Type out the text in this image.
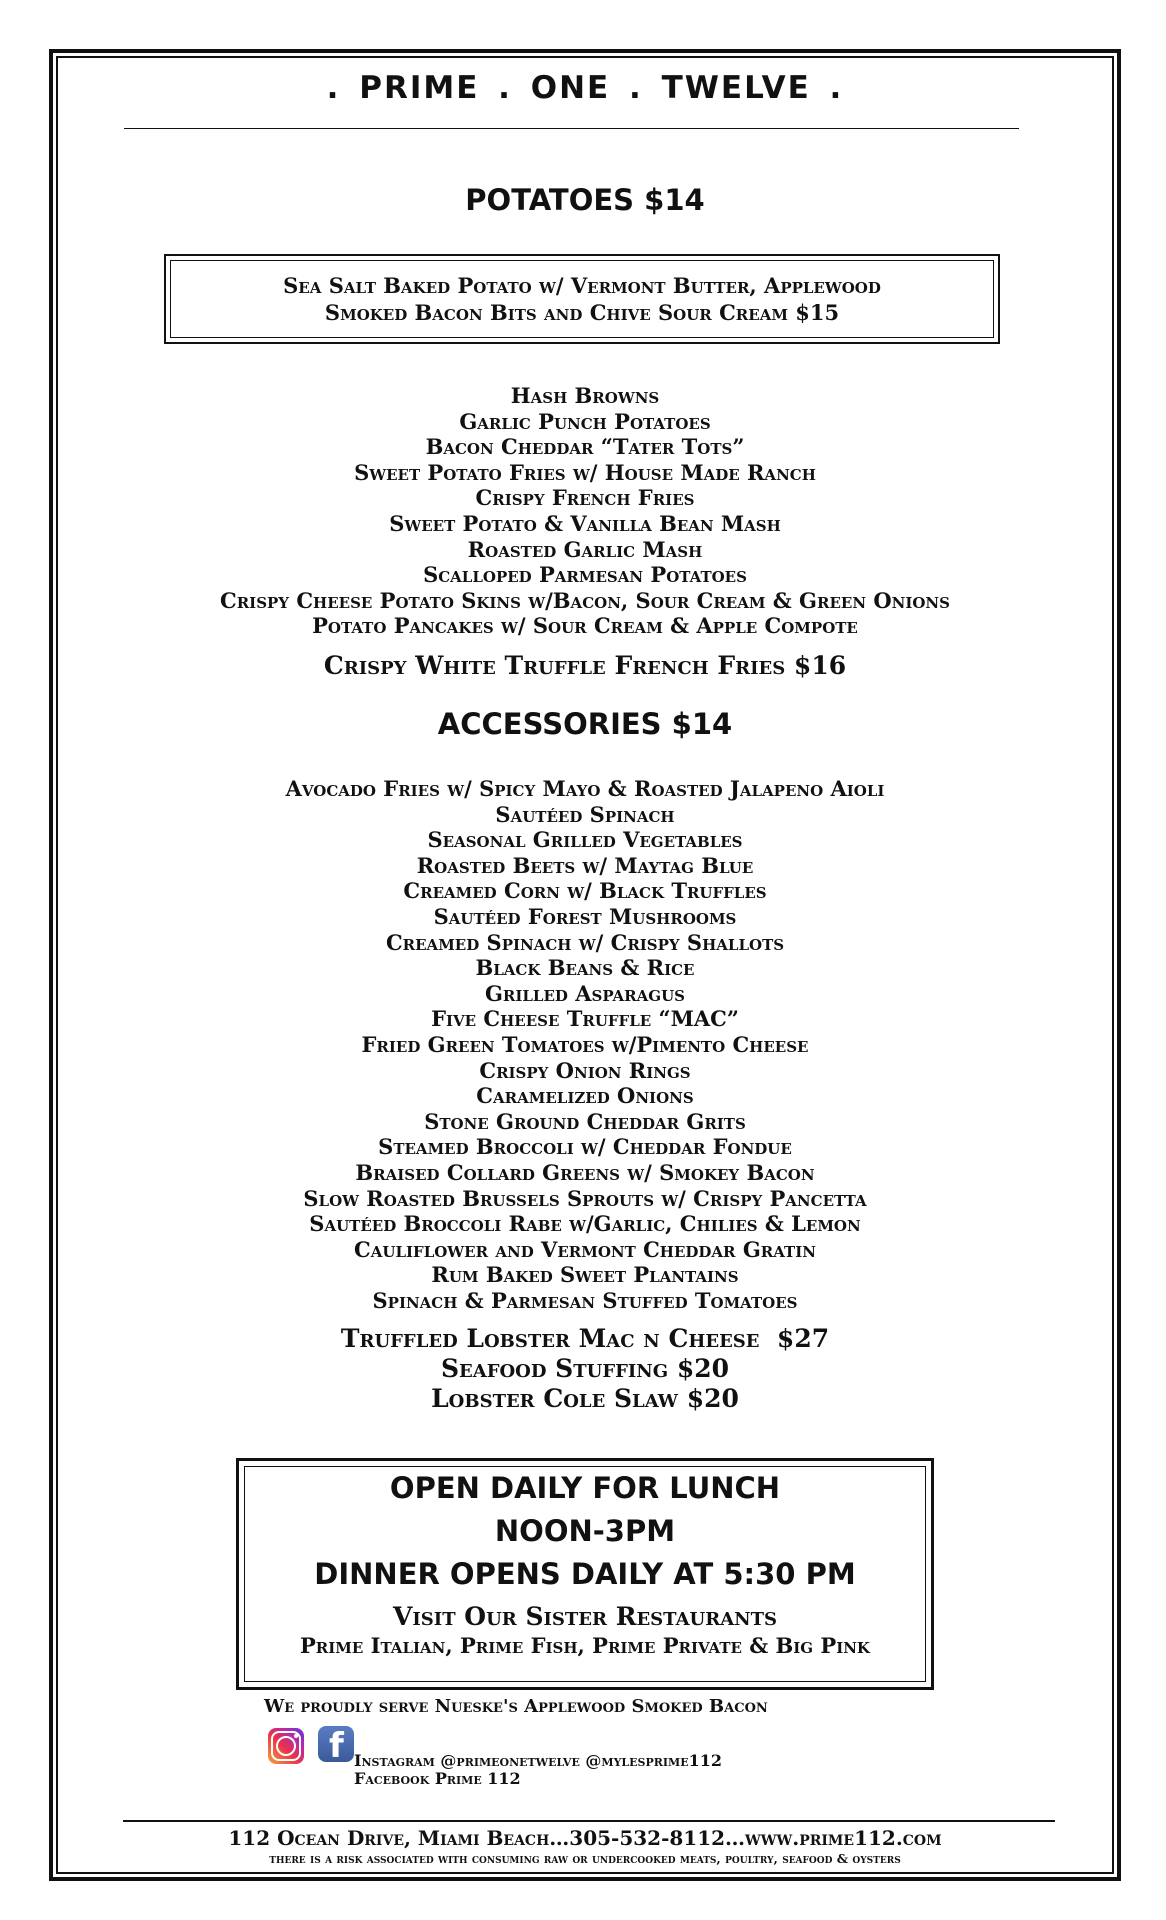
. PRIME . ONE . TWELVE .
POTATOES $14
Sea Salt Baked Potato w/ Vermont Butter, Applewood
Smoked Bacon Bits and Chive Sour Cream $15
Hash Browns
Garlic Punch Potatoes
Bacon Cheddar “Tater Tots”
Sweet Potato Fries w/ House Made Ranch
Crispy French Fries
Sweet Potato & Vanilla Bean Mash
Roasted Garlic Mash
Scalloped Parmesan Potatoes
Crispy Cheese Potato Skins w/Bacon, Sour Cream & Green Onions
Potato Pancakes w/ Sour Cream & Apple Compote
Crispy White Truffle French Fries $16
ACCESSORIES $14
Avocado Fries w/ Spicy Mayo & Roasted Jalapeno Aioli
Sautéed Spinach
Seasonal Grilled Vegetables
Roasted Beets w/ Maytag Blue
Creamed Corn w/ Black Truffles
Sautéed Forest Mushrooms
Creamed Spinach w/ Crispy Shallots
Black Beans & Rice
Grilled Asparagus
Five Cheese Truffle “MAC”
Fried Green Tomatoes w/Pimento Cheese
Crispy Onion Rings
Caramelized Onions
Stone Ground Cheddar Grits
Steamed Broccoli w/ Cheddar Fondue
Braised Collard Greens w/ Smokey Bacon
Slow Roasted Brussels Sprouts w/ Crispy Pancetta
Sautéed Broccoli Rabe w/Garlic, Chilies & Lemon
Cauliflower and Vermont Cheddar Gratin
Rum Baked Sweet Plantains
Spinach & Parmesan Stuffed Tomatoes
Truffled Lobster Mac n Cheese  $27
Seafood Stuffing $20
Lobster Cole Slaw $20
OPEN DAILY FOR LUNCH
NOON-3PM
DINNER OPENS DAILY AT 5:30 PM
Visit Our Sister Restaurants
Prime Italian, Prime Fish, Prime Private & Big Pink
We proudly serve Nueske's Applewood Smoked Bacon
f Instagram @primeonetwelve @mylesprime112
Facebook Prime 112
112 Ocean Drive, Miami Beach…305-532-8112…www.prime112.com
there is a risk associated with consuming raw or undercooked meats, poultry, seafood & oysters
